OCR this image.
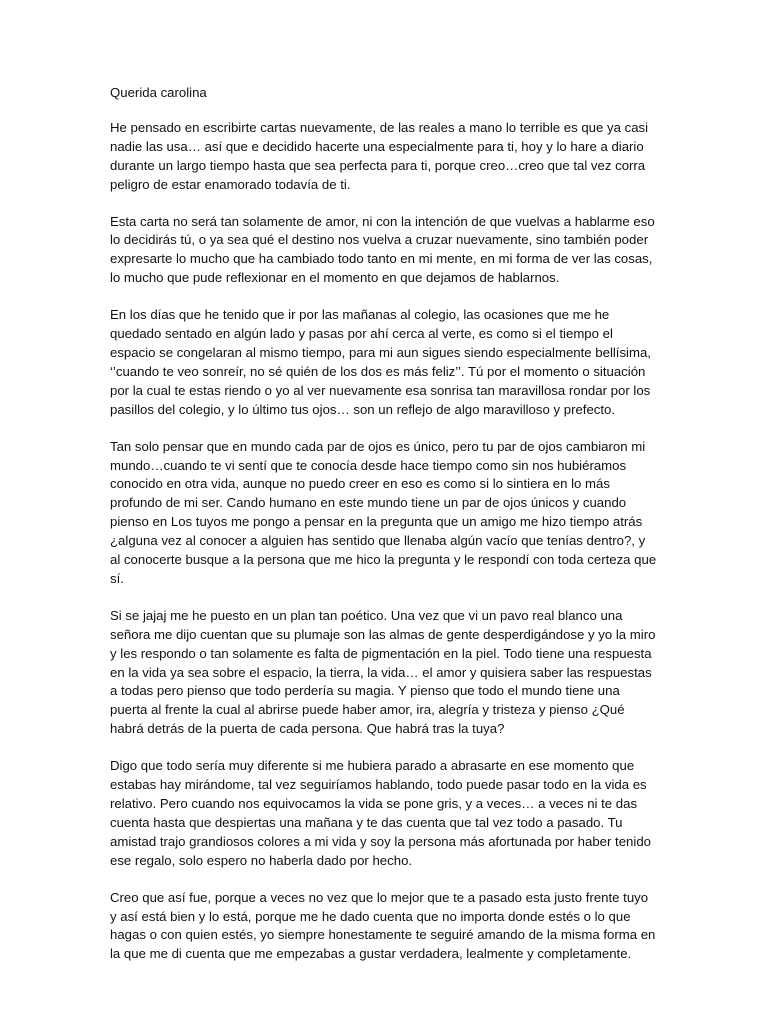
Querida carolina

He pensado en escribirte cartas nuevamente, de las reales a mano lo terrible es que ya casi nadie las usa… así que e decidido hacerte una especialmente para ti, hoy y lo hare a diario durante un largo tiempo hasta que sea perfecta para ti, porque creo…creo que tal vez corra peligro de estar enamorado todavía de ti.

Esta carta no será tan solamente de amor, ni con la intención de que vuelvas a hablarme eso lo decidirás tú, o ya sea qué el destino nos vuelva a cruzar nuevamente, sino también poder expresarte lo mucho que ha cambiado todo tanto en mi mente, en mi forma de ver las cosas, lo mucho que pude reflexionar en el momento en que dejamos de hablarnos.

En los días que he tenido que ir por las mañanas al colegio, las ocasiones que me he quedado sentado en algún lado y pasas por ahí cerca al verte, es como si el tiempo el espacio se congelaran al mismo tiempo, para mi aun sigues siendo especialmente bellísima, ‘’cuando te veo sonreír, no sé quién de los dos es más feliz’’. Tú por el momento o situación por la cual te estas riendo o yo al ver nuevamente esa sonrisa tan maravillosa rondar por los pasillos del colegio, y lo último tus ojos… son un reflejo de algo maravilloso y prefecto.

Tan solo pensar que en mundo cada par de ojos es único, pero tu par de ojos cambiaron mi mundo…cuando te vi sentí que te conocía desde hace tiempo como sin nos hubiéramos conocido en otra vida, aunque no puedo creer en eso es como si lo sintiera en lo más profundo de mi ser. Cando humano en este mundo tiene un par de ojos únicos y cuando pienso en Los tuyos me pongo a pensar en la pregunta que un amigo me hizo tiempo atrás ¿alguna vez al conocer a alguien has sentido que llenaba algún vacío que tenías dentro?, y al conocerte busque a la persona que me hico la pregunta y le respondí con toda certeza que sí.

Si se jajaj me he puesto en un plan tan poético. Una vez que vi un pavo real blanco una señora me dijo cuentan que su plumaje son las almas de gente desperdigándose y yo la miro y les respondo o tan solamente es falta de pigmentación en la piel. Todo tiene una respuesta en la vida ya sea sobre el espacio, la tierra, la vida… el amor y quisiera saber las respuestas a todas pero pienso que todo perdería su magia. Y pienso que todo el mundo tiene una puerta al frente la cual al abrirse puede haber amor, ira, alegría y tristeza y pienso ¿Qué habrá detrás de la puerta de cada persona. Que habrá tras la tuya?

Digo que todo sería muy diferente si me hubiera parado a abrasarte en ese momento que estabas hay mirándome, tal vez seguiríamos hablando, todo puede pasar todo en la vida es relativo. Pero cuando nos equivocamos la vida se pone gris, y a veces… a veces ni te das cuenta hasta que despiertas una mañana y te das cuenta que tal vez todo a pasado. Tu amistad trajo grandiosos colores a mi vida y soy la persona más afortunada por haber tenido ese regalo, solo espero no haberla dado por hecho.

Creo que así fue, porque a veces no vez que lo mejor que te a pasado esta justo frente tuyo y así está bien y lo está, porque me he dado cuenta que no importa donde estés o lo que hagas o con quien estés, yo siempre honestamente te seguiré amando de la misma forma en la que me di cuenta que me empezabas a gustar verdadera, lealmente y completamente.
